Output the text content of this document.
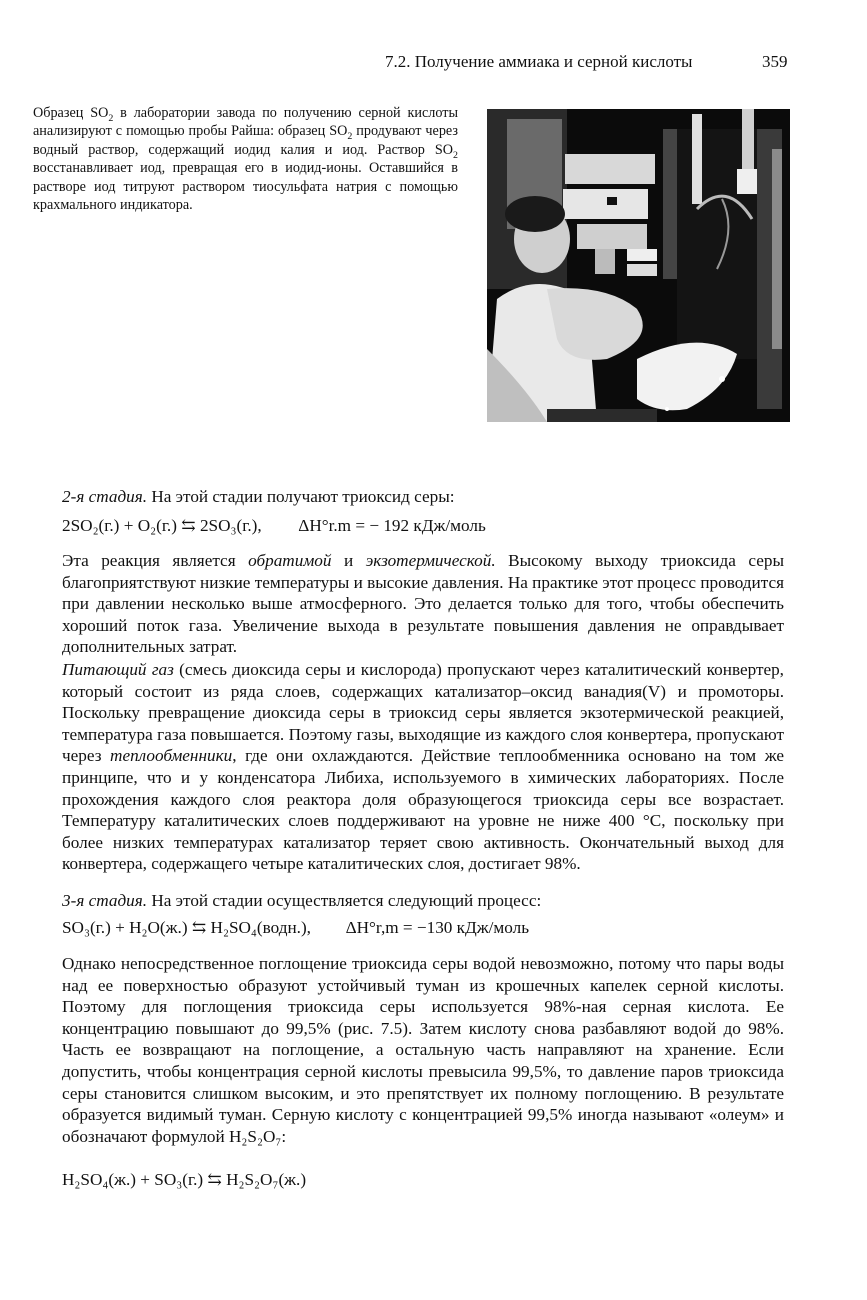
7.2. Получение аммиака и серной кислоты	359
Образец $SO_2$ в лаборатории завода по получению серной кислоты анализируют с помощью пробы Райша: образец $SO_2$ продувают через водный раствор, содержащий иодид калия и иод. Раствор $SO_2$ восстанавливает иод, превращая его в иодид-ионы. Оставшийся в растворе иод титруют раствором тиосульфата натрия с помощью крахмального индикатора.
2-я стадия. На этой стадии получают триоксид серы:
2SO₂(г.) + O₂(г.) ⇆ 2SO₃(г.), ΔH°r.m = − 192 кДж/моль
Эта реакция является обратимой и экзотермической. Высокому выходу триоксида серы благоприятствуют низкие температуры и высокие давления. На практике этот процесс проводится при давлении несколько выше атмосферного. Это делается только для того, чтобы обеспечить хороший поток газа. Увеличение выхода в результате повышения давления не оправдывает дополнительных затрат.
Питающий газ (смесь диоксида серы и кислорода) пропускают через каталитический конвертер, который состоит из ряда слоев, содержащих катализатор–оксид ванадия(V) и промоторы. Поскольку превращение диоксида серы в триоксид серы является экзотермической реакцией, температура газа повышается. Поэтому газы, выходящие из каждого слоя конвертера, пропускают через теплообменники, где они охлаждаются. Действие теплообменника основано на том же принципе, что и у конденсатора Либиха, используемого в химических лабораториях. После прохождения каждого слоя реактора доля образующегося триоксида серы все возрастает. Температуру каталитических слоев поддерживают на уровне не ниже 400 °C, поскольку при более низких температурах катализатор теряет свою активность. Окончательный выход для конвертера, содержащего четыре каталитических слоя, достигает 98%.
3-я стадия. На этой стадии осуществляется следующий процесс:
SO₃(г.) + H₂O(ж.) ⇆ H₂SO₄(водн.), ΔH°r,m = −130 кДж/моль
Однако непосредственное поглощение триоксида серы водой невозможно, потому что пары воды над ее поверхностью образуют устойчивый туман из крошечных капелек серной кислоты. Поэтому для поглощения триоксида серы используется 98%-ная серная кислота. Ее концентрацию повышают до 99,5% (рис. 7.5). Затем кислоту снова разбавляют водой до 98%. Часть ее возвращают на поглощение, а остальную часть направляют на хранение. Если допустить, чтобы концентрация серной кислоты превысила 99,5%, то давление паров триоксида серы становится слишком высоким, и это препятствует их полному поглощению. В результате образуется видимый туман. Серную кислоту с концентрацией 99,5% иногда называют «олеум» и обозначают формулой H₂S₂O₇:
H₂SO₄(ж.) + SO₃(г.) ⇆ H₂S₂O₇(ж.)
